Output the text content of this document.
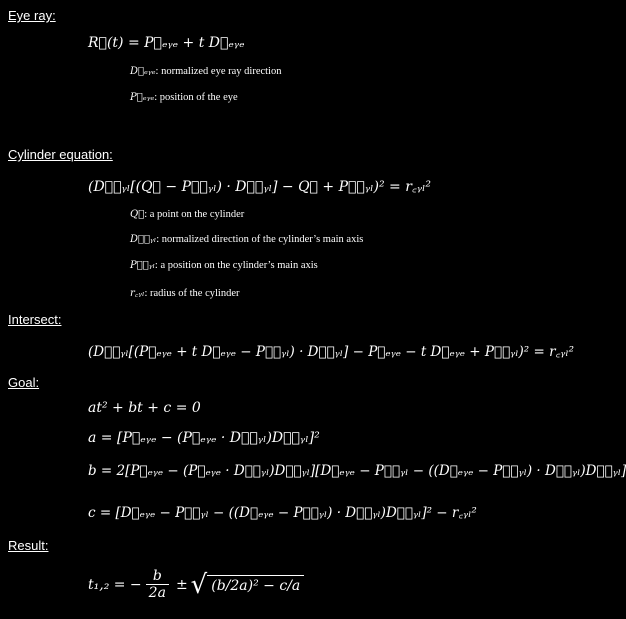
Eye ray:
R⃗(t) = P⃗ₑᵧₑ + t D⃗ₑᵧₑ
D⃗ₑᵧₑ: normalized eye ray direction
P⃗ₑᵧₑ: position of the eye
Cylinder equation:
(D⃗꜀ᵧₗ[(Q⃗ − P⃗꜀ᵧₗ) · D⃗꜀ᵧₗ] − Q⃗ + P⃗꜀ᵧₗ)² = r꜀ᵧₗ²
Q⃗: a point on the cylinder
D⃗꜀ᵧₗ: normalized direction of the cylinder’s main axis
P⃗꜀ᵧₗ: a position on the cylinder’s main axis
r꜀ᵧₗ: radius of the cylinder
Intersect:
(D⃗꜀ᵧₗ[(P⃗ₑᵧₑ + t D⃗ₑᵧₑ − P⃗꜀ᵧₗ) · D⃗꜀ᵧₗ] − P⃗ₑᵧₑ − t D⃗ₑᵧₑ + P⃗꜀ᵧₗ)² = r꜀ᵧₗ²
Goal:
at² + bt + c = 0
a = [P⃗ₑᵧₑ − (P⃗ₑᵧₑ · D⃗꜀ᵧₗ)D⃗꜀ᵧₗ]²
b = 2[P⃗ₑᵧₑ − (P⃗ₑᵧₑ · D⃗꜀ᵧₗ)D⃗꜀ᵧₗ][D⃗ₑᵧₑ − P⃗꜀ᵧₗ − ((D⃗ₑᵧₑ − P⃗꜀ᵧₗ) · D⃗꜀ᵧₗ)D⃗꜀ᵧₗ]
c = [D⃗ₑᵧₑ − P⃗꜀ᵧₗ − ((D⃗ₑᵧₑ − P⃗꜀ᵧₗ) · D⃗꜀ᵧₗ)D⃗꜀ᵧₗ]² − r꜀ᵧₗ²
Result:
t₁,₂ = − $\frac{b}{2a}$ ± √ (b/2a)² − c/a
